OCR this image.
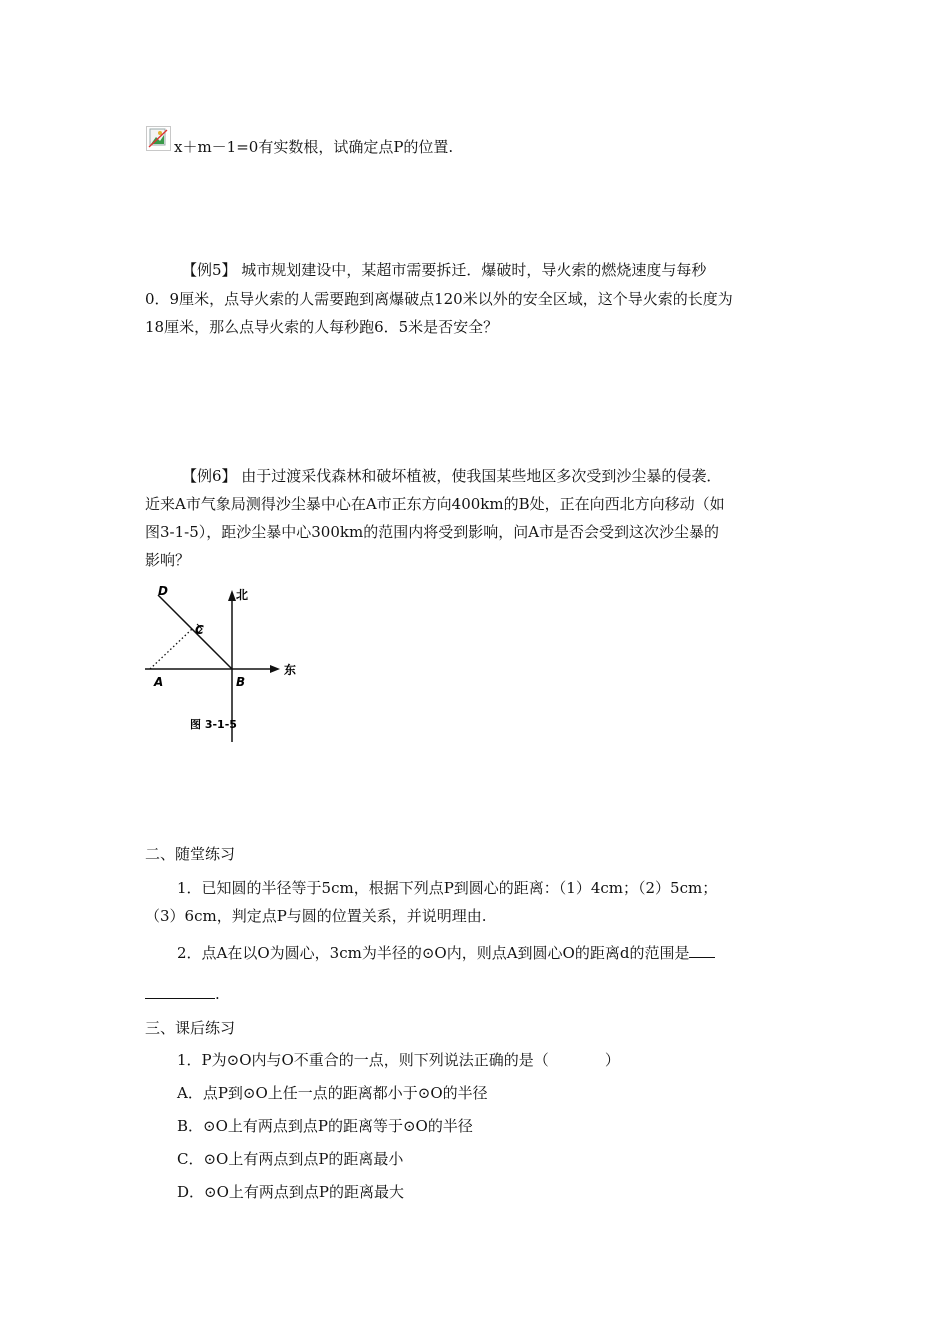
x＋m－1=0有实数根，试确定点P的位置.
【例5】 城市规划建设中，某超市需要拆迁．爆破时，导火索的燃烧速度与每秒
0．9厘米，点导火索的人需要跑到离爆破点120米以外的安全区域，这个导火索的长度为
18厘米，那么点导火索的人每秒跑6．5米是否安全？
【例6】 由于过渡采伐森林和破坏植被，使我国某些地区多次受到沙尘暴的侵袭．
近来A市气象局测得沙尘暴中心在A市正东方向400km的B处，正在向西北方向移动（如
图3-1-5），距沙尘暴中心300km的范围内将受到影响，问A市是否会受到这次沙尘暴的
影响？
D
C
A	B
北
东
图 3-1-5
二、随堂练习
1．已知圆的半径等于5cm，根据下列点P到圆心的距离：（1）4cm；（2）5cm；
（3）6cm，判定点P与圆的位置关系，并说明理由.
2．点A在以O为圆心，3cm为半径的⊙O内，则点A到圆心O的距离d的范围是
.
三、课后练习
1．P为⊙O内与O不重合的一点，则下列说法正确的是（	）
A．点P到⊙O上任一点的距离都小于⊙O的半径
B．⊙O上有两点到点P的距离等于⊙O的半径
C．⊙O上有两点到点P的距离最小
D．⊙O上有两点到点P的距离最大
